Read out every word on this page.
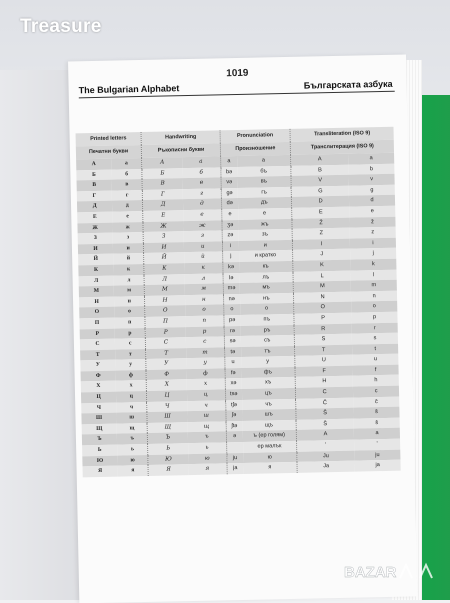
1019
The Bulgarian Alphabet	Българската азбука
Printed letters		Handwriting		Pronunciation		Transliteration (ISO 9)	
Печатни букви		Ръкописни букви		Произношение		Транслитерация (ISO 9)	
А	а	А	а	a	а	A	a
Б	б	Б	б	bə	бъ	B	b
В	в	В	в	və	въ	V	v
Г	г	Г	г	gə	гъ	G	g
Д	д	Д	д	də	дъ	D	d
Е	е	Е	е	e	е	E	e
Ж	ж	Ж	ж	ʒə	жъ	Ž	ž
З	з	З	з	zə	зъ	Z	z
И	и	И	и	i	и	I	i
Й	й	Й	й	j	и кратко	J	j
К	к	К	к	kə	къ	K	k
Л	л	Л	л	lə	лъ	L	l
М	м	М	м	mə	мъ	M	m
Н	н	Н	н	nə	нъ	N	n
О	о	О	о	o	о	O	o
П	п	П	п	pə	пъ	P	p
Р	р	Р	р	rə	ръ	R	r
С	с	С	с	sə	съ	S	s
Т	т	Т	т	tə	тъ	T	t
У	у	У	у	u	у	U	u
Ф	ф	Ф	ф	fə	фъ	F	f
Х	х	Х	х	xə	хъ	H	h
Ц	ц	Ц	ц	tsə	цъ	C	c
Ч	ч	Ч	ч	tʃə	чъ	Č	č
Ш	ш	Ш	ш	ʃə	шъ	Š	š
Щ	щ	Щ	щ	ʃtə	щъ	Ŝ	ŝ
Ъ	ъ	Ъ	ъ	ə	ъ (ер голям)	A	a
Ь	ь	Ь	ь		ер малък	'	'
Ю	ю	Ю	ю	ju	ю	Ju	ju
Я	я	Я	я	ja	я	Ja	ja
BAZAR
Treasure
